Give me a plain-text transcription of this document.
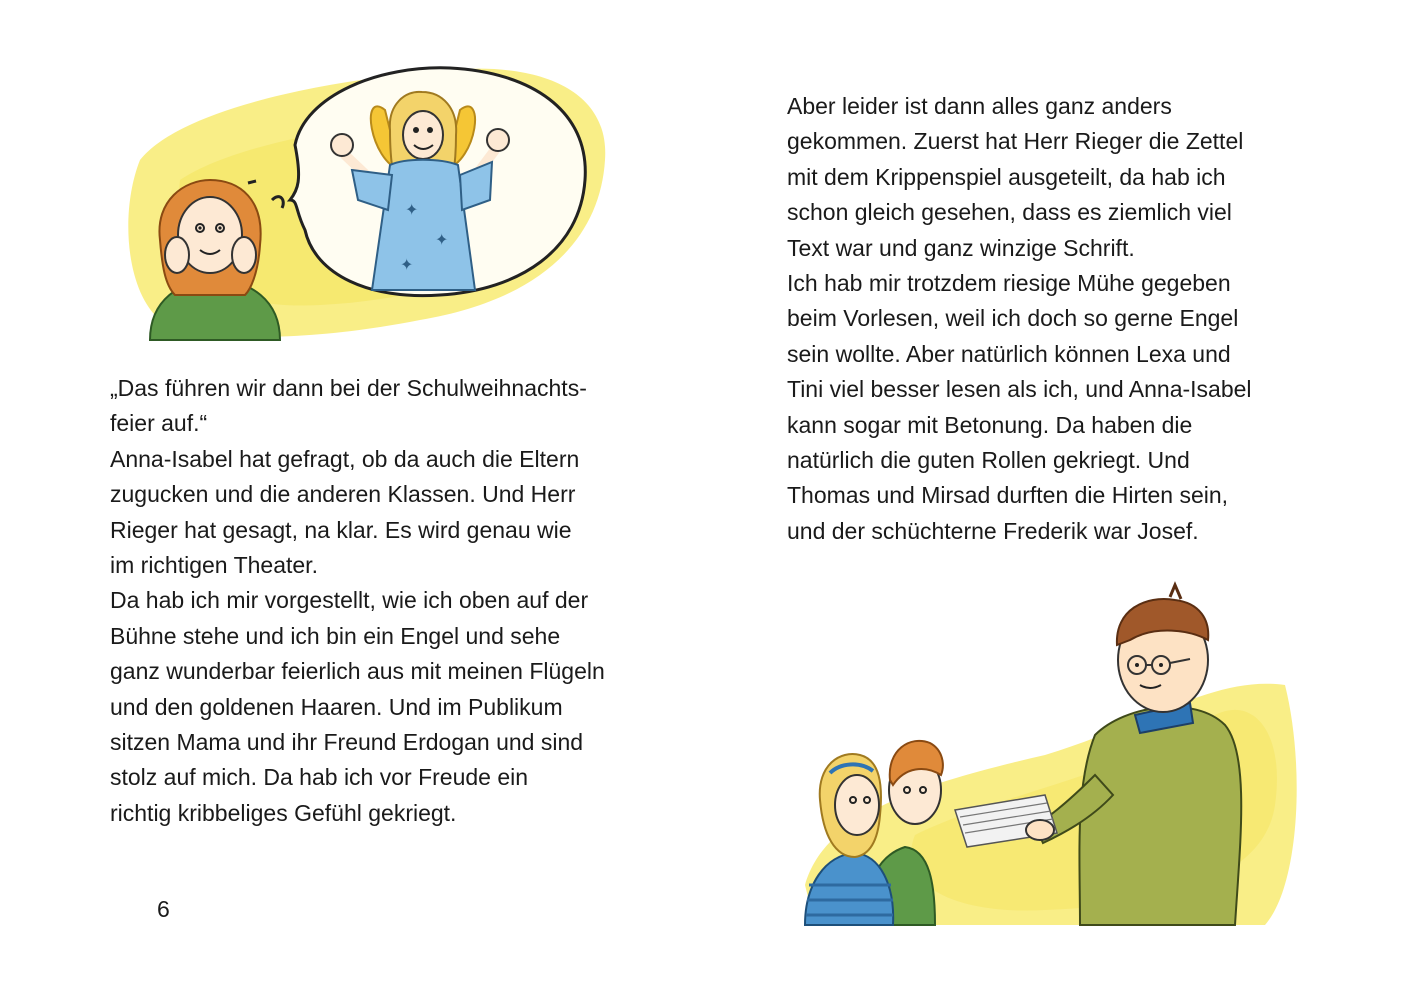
✦
✦
✦

„Das führen wir dann bei der Schulweihnachts-

feier auf.“

Anna-Isabel hat gefragt, ob da auch die Eltern

zugucken und die anderen Klassen. Und Herr

Rieger hat gesagt, na klar. Es wird genau wie

im richtigen Theater.

Da hab ich mir vorgestellt, wie ich oben auf der

Bühne stehe und ich bin ein Engel und sehe

ganz wunderbar feierlich aus mit meinen Flügeln

und den goldenen Haaren. Und im Publikum

sitzen Mama und ihr Freund Erdogan und sind

stolz auf mich. Da hab ich vor Freude ein

richtig kribbeliges Gefühl gekriegt.

6

Aber leider ist dann alles ganz anders

gekommen. Zuerst hat Herr Rieger die Zettel

mit dem Krippenspiel ausgeteilt, da hab ich

schon gleich gesehen, dass es ziemlich viel

Text war und ganz winzige Schrift.

Ich hab mir trotzdem riesige Mühe gegeben

beim Vorlesen, weil ich doch so gerne Engel

sein wollte. Aber natürlich können Lexa und

Tini viel besser lesen als ich, und Anna-Isabel

kann sogar mit Betonung. Da haben die

natürlich die guten Rollen gekriegt. Und

Thomas und Mirsad durften die Hirten sein,

und der schüchterne Frederik war Josef.
